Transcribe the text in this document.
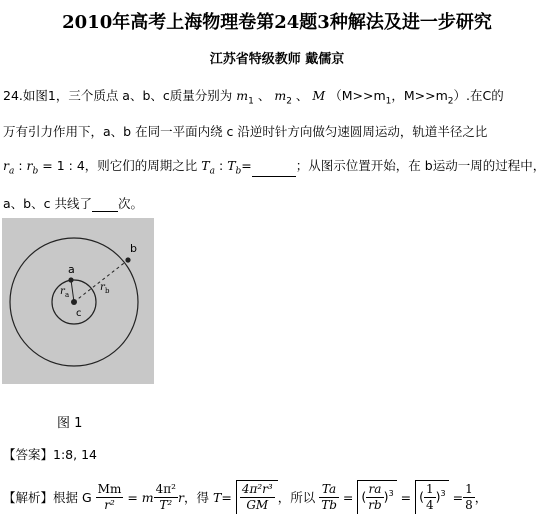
2010年高考上海物理卷第24题3种解法及进一步研究
江苏省特级教师 戴儒京
24.如图1，三个质点 a、b、c质量分别为 $m_1$ 、 $m_2$ 、 M （$M>>m_1$，$M>>m_2$）.在C的
万有引力作用下，a、b 在同一平面内绕 c 沿逆时针方向做匀速圆周运动，轨道半径之比
$r_a$ : $r_b = 1$ : 4，则它们的周期之比 $T_a$ : $T_b=$	；从图示位置开始，在 b运动一周的过程中，
a、b、c 共线了 次。
a
b
c
r a
r b
图 1
【答案】1:8, 14
【解析】根据 G $\frac{Mm}{\text{r²}} = m \frac{\text{4π²}}{\text{T²}}$ r，得 $T= \frac{\text{4π²r³}}{GM}$ ，所以 $\frac{Ta}{Tb}$ = ( $\frac{ra}{rb} )^3$ = ( $\frac{1}{4} )^3 = \frac{1}{8}$ ，
